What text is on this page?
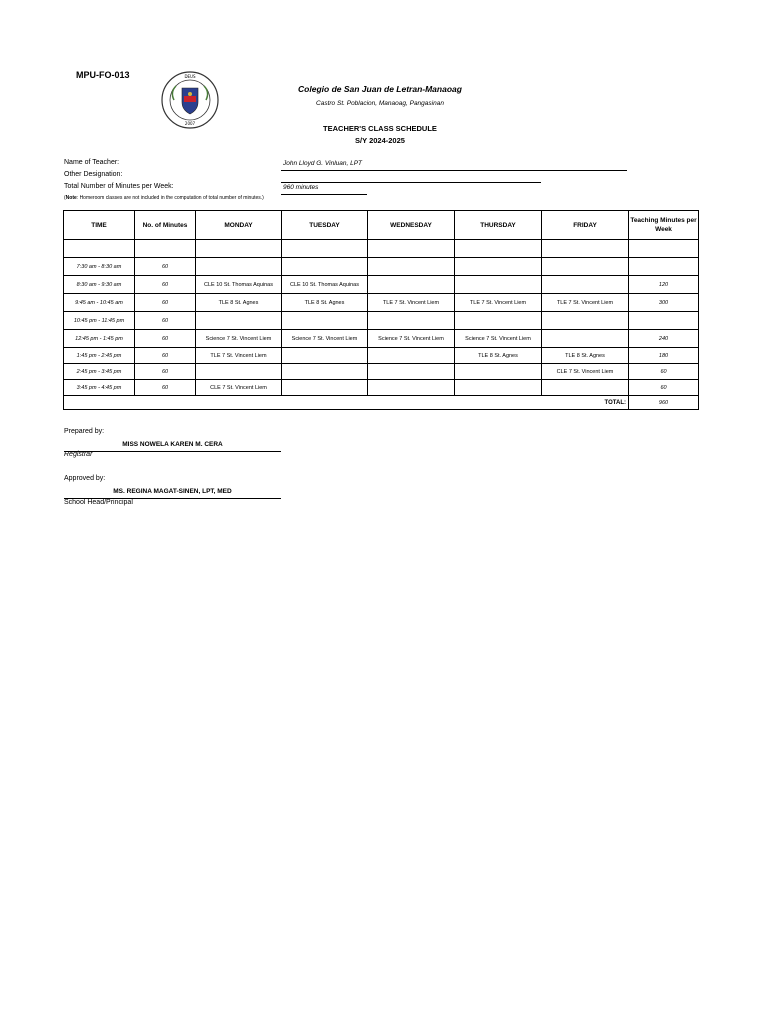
MPU-FO-013	DEUS
2007
Colegio de San Juan de Letran-Manaoag
Castro St. Poblacion, Manaoag, Pangasinan
TEACHER'S CLASS SCHEDULE
S/Y 2024-2025
Name of Teacher:	John Lloyd G. Vinluan, LPT
Other Designation:
Total Number of Minutes per Week:	960 minutes
(Note: Homeroom classes are not included in the computation of total number of minutes.)
TIME	No. of Minutes	MONDAY	TUESDAY	WEDNESDAY	THURSDAY	FRIDAY	Teaching Minutes per Week

7:30 am - 8:30 am	60						
8:30 am - 9:30 am	60	CLE 10 St. Thomas Aquinas	CLE 10 St. Thomas Aquinas				120
9:45 am - 10:45 am	60	TLE 8 St. Agnes	TLE 8 St. Agnes	TLE 7 St. Vincent Liem	TLE 7 St. Vincent Liem	TLE 7 St. Vincent Liem	300
10:45 pm - 11:45 pm	60						
12:45 pm - 1:45 pm	60	Science 7 St. Vincent Liem	Science 7 St. Vincent Liem	Science 7 St. Vincent Liem	Science 7 St. Vincent Liem		240
1:45 pm - 2:45 pm	60	TLE 7 St. Vincent Liem			TLE 8 St. Agnes	TLE 8 St. Agnes	180
2:45 pm - 3:45 pm	60					CLE 7 St. Vincent Liem	60
3:45 pm - 4:45 pm	60	CLE 7 St. Vincent Liem					60
TOTAL:							960
Prepared by:
MISS NOWELA KAREN M. CERA
Registrar
Approved by:
MS. REGINA MAGAT-SINEN, LPT, MED
School Head/Principal
